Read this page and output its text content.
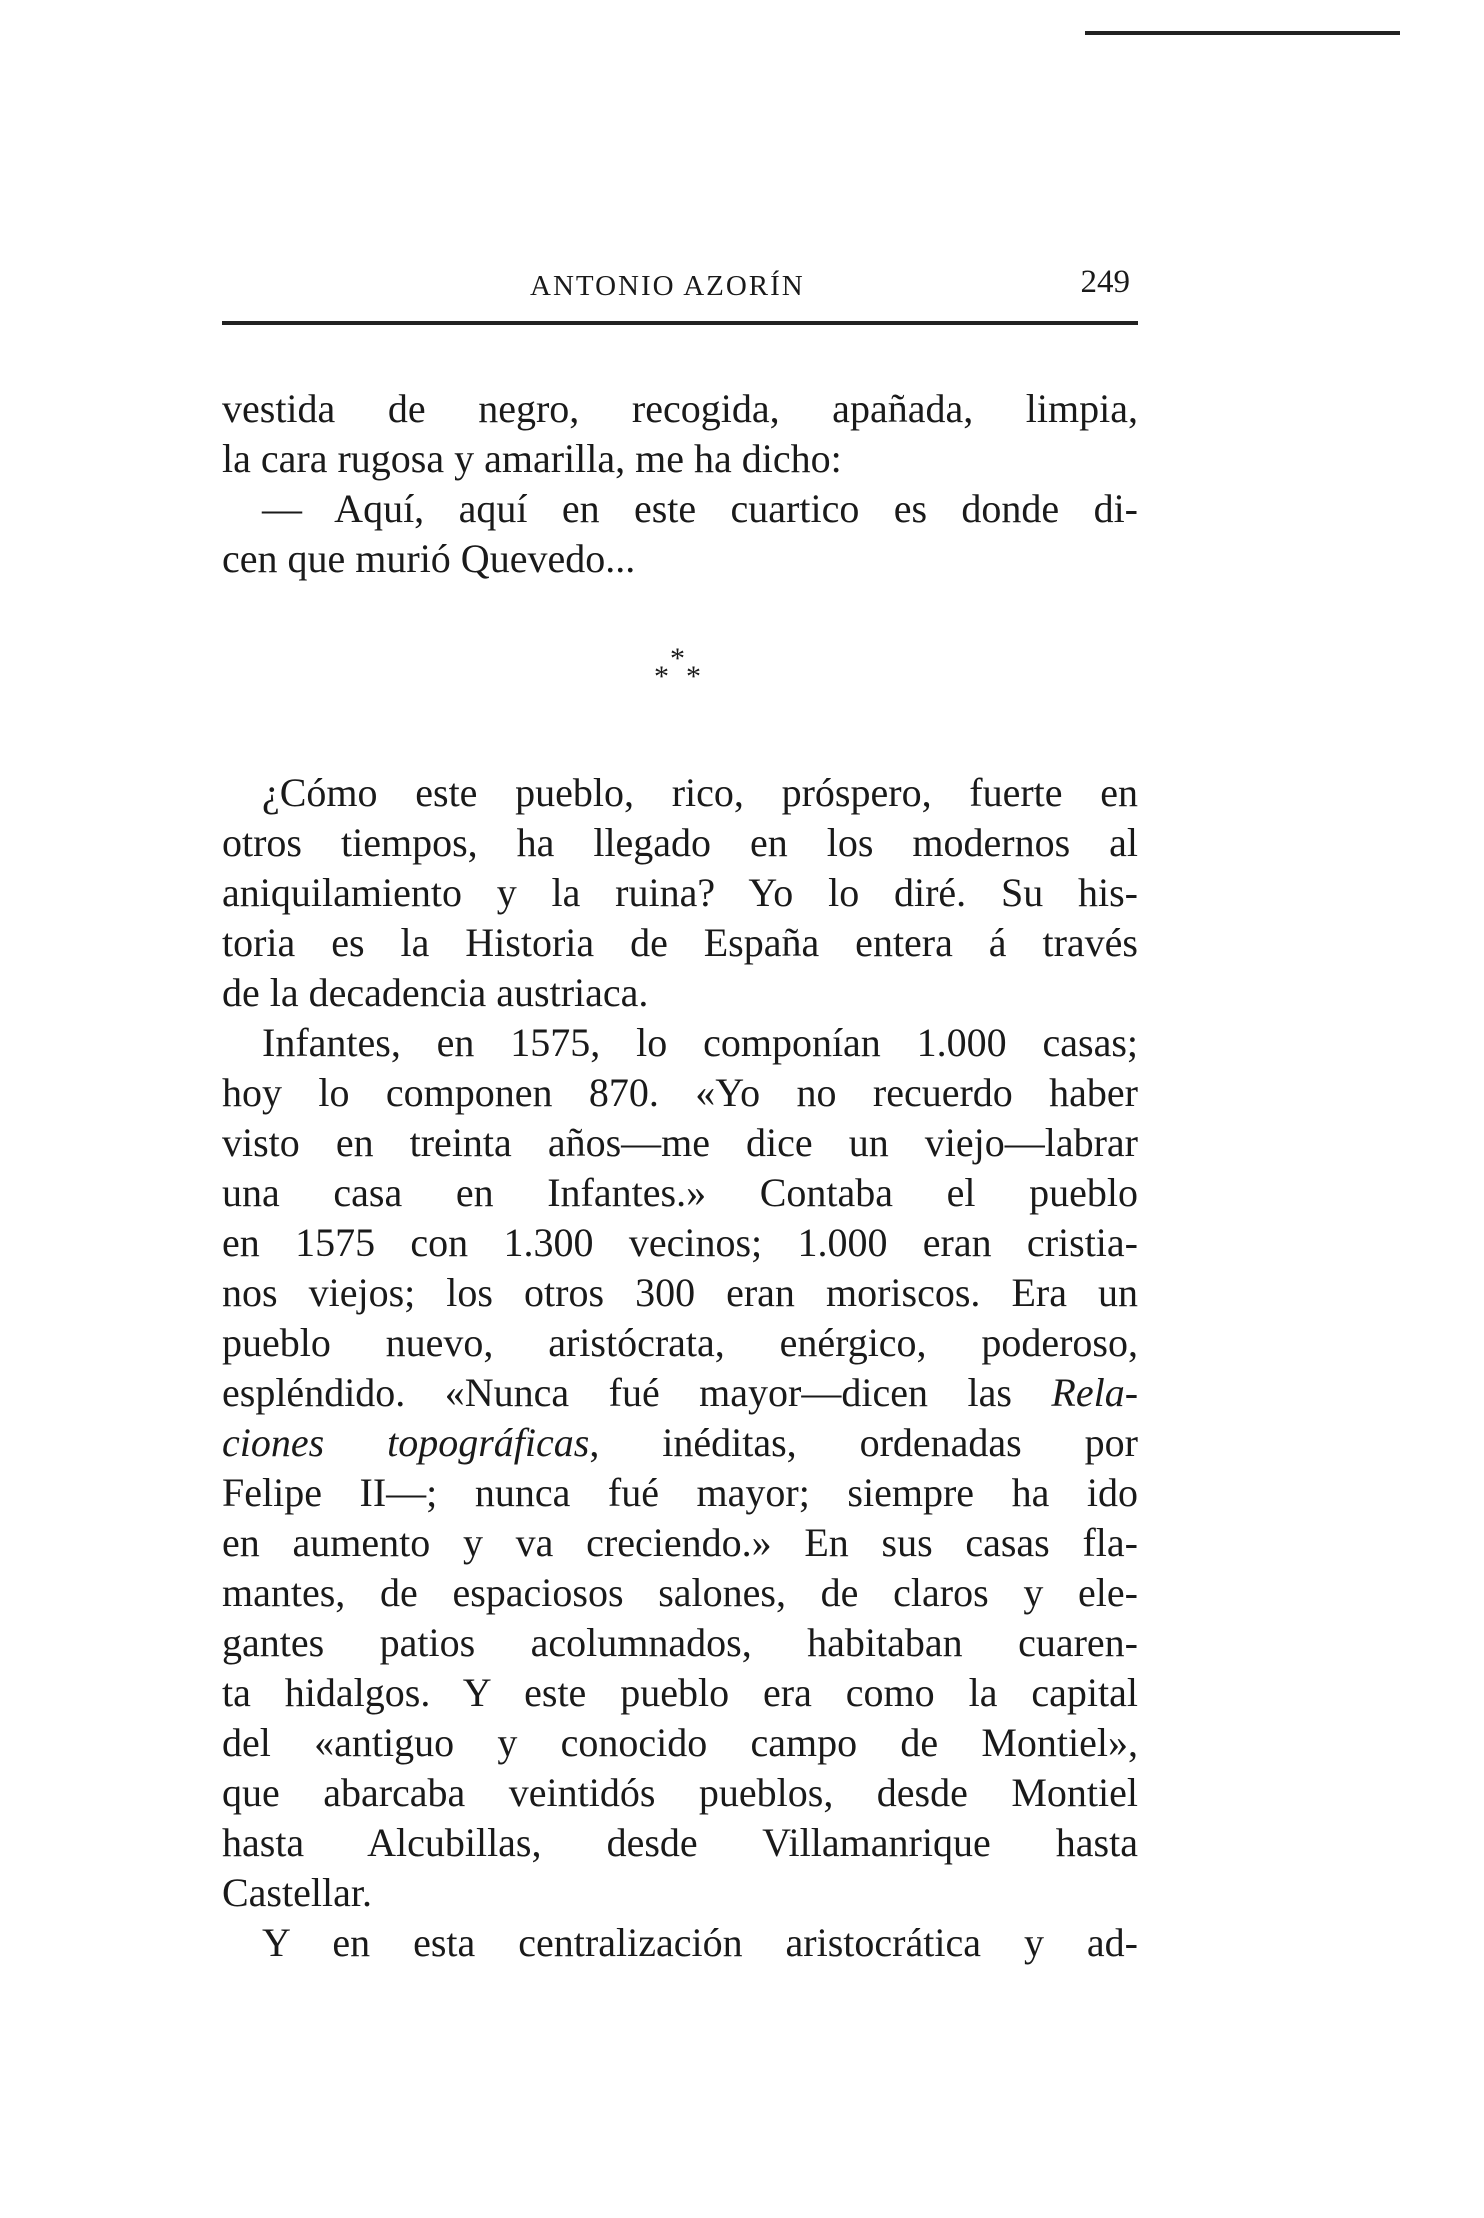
ANTONIO AZORÍN	249
vestida de negro, recogida, apañada, limpia,
la cara rugosa y amarilla, me ha dicho:
— Aquí, aquí en este cuartico es donde di-
cen que murió Quevedo...
*
* *
¿Cómo este pueblo, rico, próspero, fuerte en
otros tiempos, ha llegado en los modernos al
aniquilamiento y la ruina? Yo lo diré. Su his-
toria es la Historia de España entera á través
de la decadencia austriaca.
Infantes, en 1575, lo componían 1.000 casas;
hoy lo componen 870. «Yo no recuerdo haber
visto en treinta años—me dice un viejo—labrar
una casa en Infantes.» Contaba el pueblo
en 1575 con 1.300 vecinos; 1.000 eran cristia-
nos viejos; los otros 300 eran moriscos. Era un
pueblo nuevo, aristócrata, enérgico, poderoso,
espléndido. «Nunca fué mayor—dicen las Rela-
ciones topográficas, inéditas, ordenadas por
Felipe II—; nunca fué mayor; siempre ha ido
en aumento y va creciendo.» En sus casas fla-
mantes, de espaciosos salones, de claros y ele-
gantes patios acolumnados, habitaban cuaren-
ta hidalgos. Y este pueblo era como la capital
del «antiguo y conocido campo de Montiel»,
que abarcaba veintidós pueblos, desde Montiel
hasta Alcubillas, desde Villamanrique hasta
Castellar.
Y en esta centralización aristocrática y ad-
